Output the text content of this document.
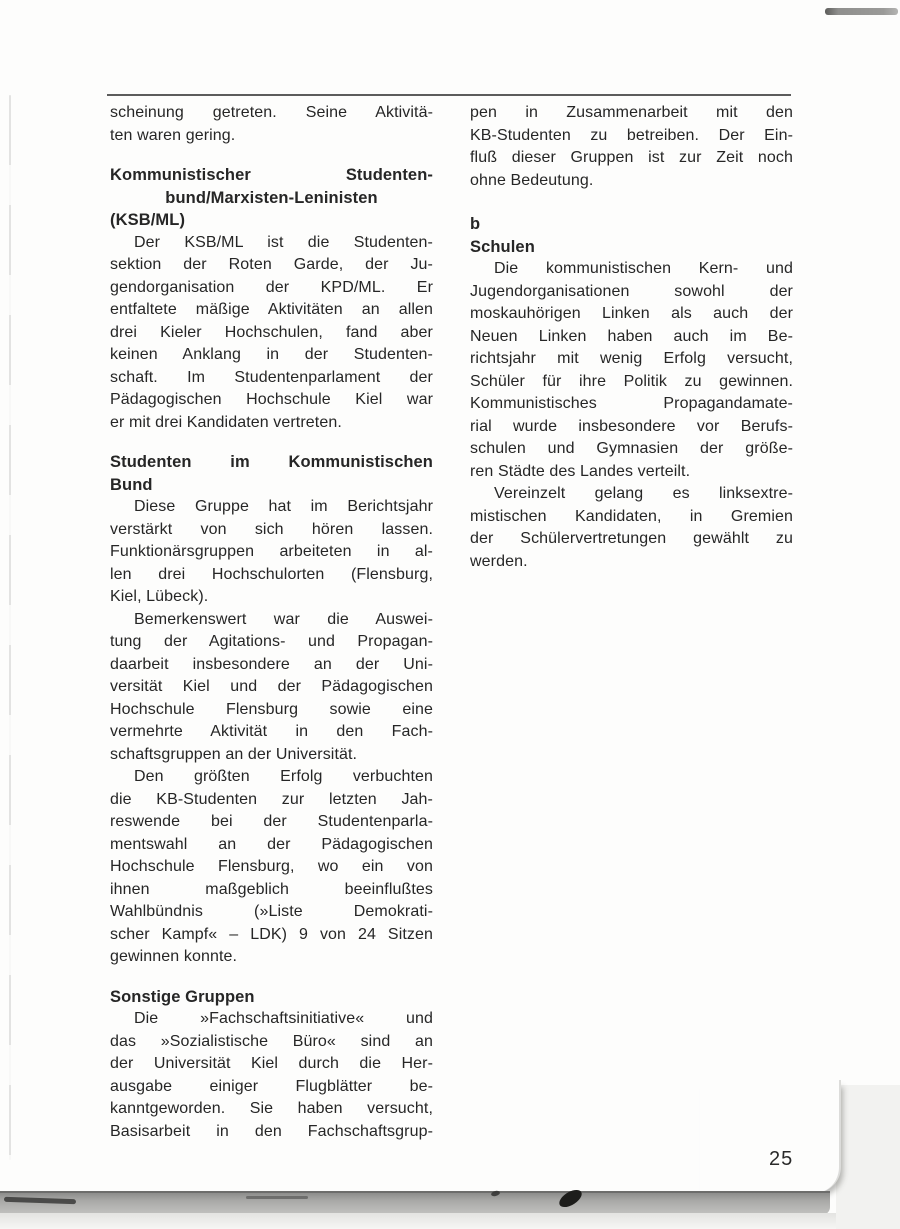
scheinung getreten. Seine Aktivitä-
ten waren gering.
Kommunistischer Studenten-
bund/Marxisten-Leninisten
(KSB/ML)
Der KSB/ML ist die Studenten-
sektion der Roten Garde, der Ju-
gendorganisation der KPD/ML. Er
entfaltete mäßige Aktivitäten an allen
drei Kieler Hochschulen, fand aber
keinen Anklang in der Studenten-
schaft. Im Studentenparlament der
Pädagogischen Hochschule Kiel war
er mit drei Kandidaten vertreten.
Studenten im Kommunistischen
Bund
Diese Gruppe hat im Berichtsjahr
verstärkt von sich hören lassen.
Funktionärsgruppen arbeiteten in al-
len drei Hochschulorten (Flensburg,
Kiel, Lübeck).
Bemerkenswert war die Auswei-
tung der Agitations- und Propagan-
daarbeit insbesondere an der Uni-
versität Kiel und der Pädagogischen
Hochschule Flensburg sowie eine
vermehrte Aktivität in den Fach-
schaftsgruppen an der Universität.
Den größten Erfolg verbuchten
die KB-Studenten zur letzten Jah-
reswende bei der Studentenparla-
mentswahl an der Pädagogischen
Hochschule Flensburg, wo ein von
ihnen maßgeblich beeinflußtes
Wahlbündnis (»Liste Demokrati-
scher Kampf« – LDK) 9 von 24 Sitzen
gewinnen konnte.
Sonstige Gruppen
Die »Fachschaftsinitiative« und
das »Sozialistische Büro« sind an
der Universität Kiel durch die Her-
ausgabe einiger Flugblätter be-
kanntgeworden. Sie haben versucht,
Basisarbeit in den Fachschaftsgrup-
pen in Zusammenarbeit mit den
KB-Studenten zu betreiben. Der Ein-
fluß dieser Gruppen ist zur Zeit noch
ohne Bedeutung.
b
Schulen
Die kommunistischen Kern- und
Jugendorganisationen sowohl der
moskauhörigen Linken als auch der
Neuen Linken haben auch im Be-
richtsjahr mit wenig Erfolg versucht,
Schüler für ihre Politik zu gewinnen.
Kommunistisches Propagandamate-
rial wurde insbesondere vor Berufs-
schulen und Gymnasien der größe-
ren Städte des Landes verteilt.
Vereinzelt gelang es linksextre-
mistischen Kandidaten, in Gremien
der Schülervertretungen gewählt zu
werden.
25
